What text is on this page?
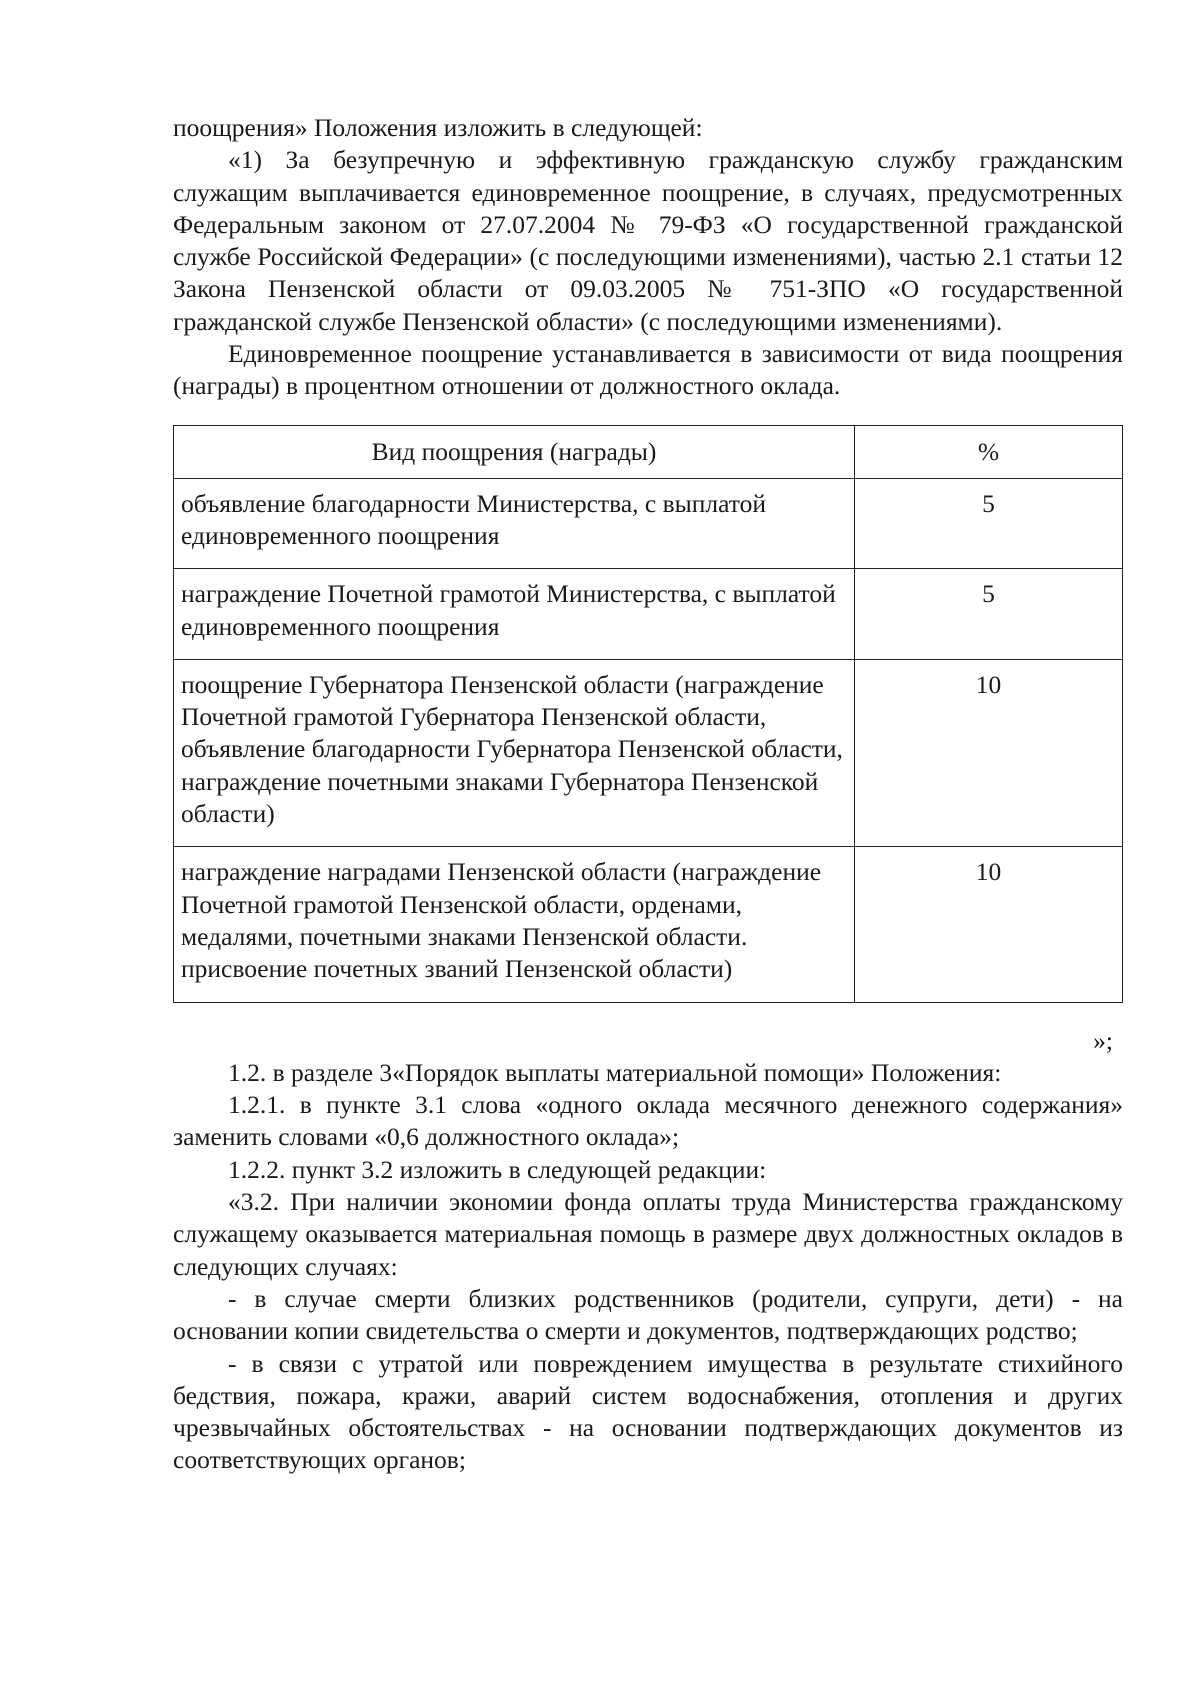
поощрения» Положения изложить в следующей:

«1) За безупречную и эффективную гражданскую службу гражданским служащим выплачивается единовременное поощрение, в случаях, предусмотренных Федеральным законом от 27.07.2004 № 79-ФЗ «О государственной гражданской службе Российской Федерации» (с последующими изменениями), частью 2.1 статьи 12 Закона Пензенской области от 09.03.2005 № 751-ЗПО «О государственной гражданской службе Пензенской области» (с последующими изменениями).

Единовременное поощрение устанавливается в зависимости от вида поощрения (награды) в процентном отношении от должностного оклада.

Вид поощрения (награды)	%
объявление благодарности Министерства, с выплатой единовременного поощрения	5
награждение Почетной грамотой Министерства, с выплатой единовременного поощрения	5
поощрение Губернатора Пензенской области (награждение Почетной грамотой Губернатора Пензенской области, объявление благодарности Губернатора Пензенской области, награждение почетными знаками Губернатора Пензенской области)	10
награждение наградами Пензенской области (награждение Почетной грамотой Пензенской области, орденами, медалями, почетными знаками Пензенской области. присвоение почетных званий Пензенской области)	10

»;

1.2. в разделе 3«Порядок выплаты материальной помощи» Положения:

1.2.1. в пункте 3.1 слова «одного оклада месячного денежного содержания» заменить словами «0,6 должностного оклада»;

1.2.2. пункт 3.2 изложить в следующей редакции:

«3.2. При наличии экономии фонда оплаты труда Министерства гражданскому служащему оказывается материальная помощь в размере двух должностных окладов в следующих случаях:

- в случае смерти близких родственников (родители, супруги, дети) - на основании копии свидетельства о смерти и документов, подтверждающих родство;

- в связи с утратой или повреждением имущества в результате стихийного бедствия, пожара, кражи, аварий систем водоснабжения, отопления и других чрезвычайных обстоятельствах - на основании подтверждающих документов из соответствующих органов;
